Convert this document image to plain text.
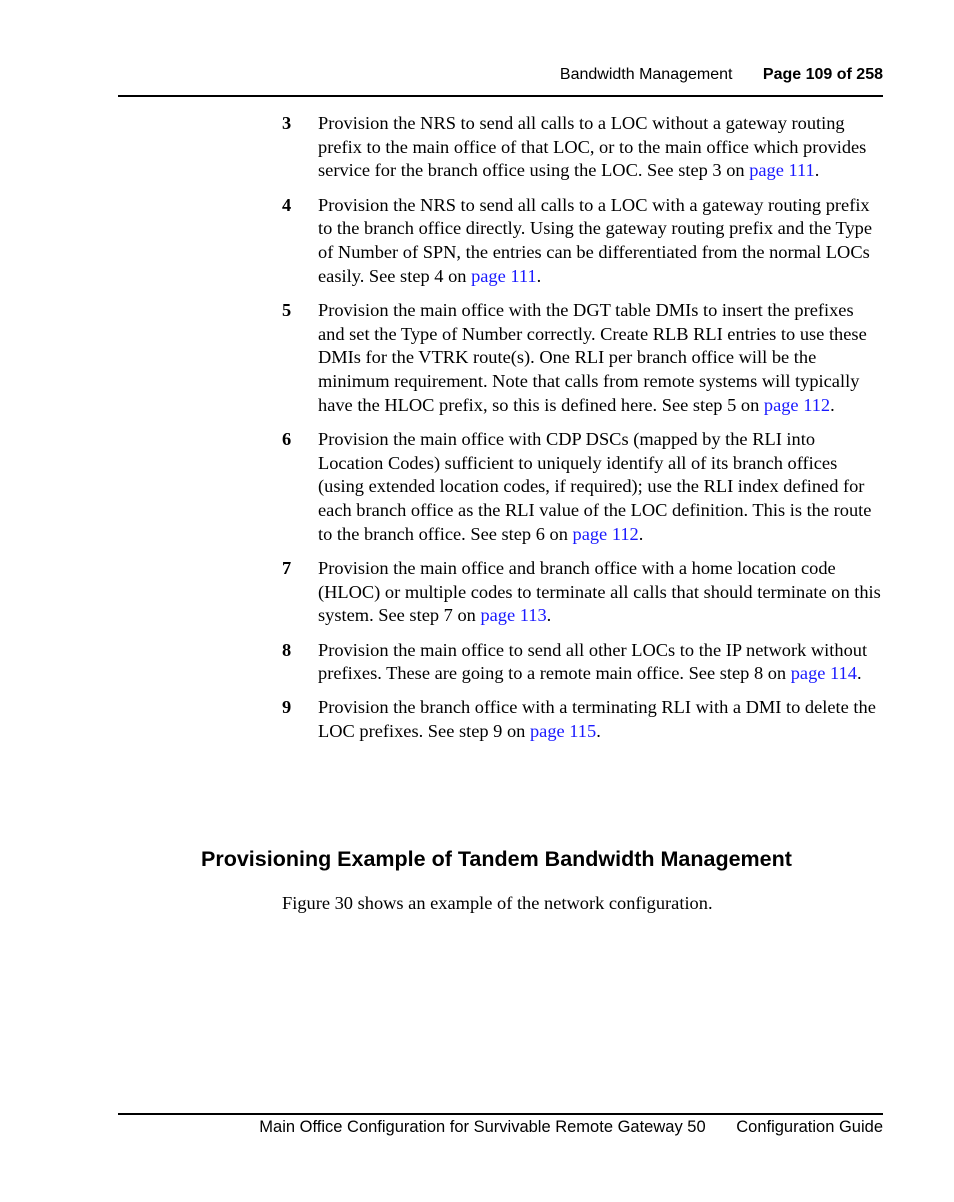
Bandwidth Management Page 109 of 258
3	Provision the NRS to send all calls to a LOC without a gateway routing prefix to the main office of that LOC, or to the main office which provides service for the branch office using the LOC. See step 3 on page 111.
4	Provision the NRS to send all calls to a LOC with a gateway routing prefix to the branch office directly. Using the gateway routing prefix and the Type of Number of SPN, the entries can be differentiated from the normal LOCs easily. See step 4 on page 111.
5	Provision the main office with the DGT table DMIs to insert the prefixes and set the Type of Number correctly. Create RLB RLI entries to use these DMIs for the VTRK route(s). One RLI per branch office will be the minimum requirement. Note that calls from remote systems will typically have the HLOC prefix, so this is defined here. See step 5 on page 112.
6	Provision the main office with CDP DSCs (mapped by the RLI into Location Codes) sufficient to uniquely identify all of its branch offices (using extended location codes, if required); use the RLI index defined for each branch office as the RLI value of the LOC definition. This is the route to the branch office. See step 6 on page 112.
7	Provision the main office and branch office with a home location code (HLOC) or multiple codes to terminate all calls that should terminate on this system. See step 7 on page 113.
8	Provision the main office to send all other LOCs to the IP network without prefixes. These are going to a remote main office. See step 8 on page 114.
9	Provision the branch office with a terminating RLI with a DMI to delete the LOC prefixes. See step 9 on page 115.
Provisioning Example of Tandem Bandwidth Management

Figure 30 shows an example of the network configuration.

Main Office Configuration for Survivable Remote Gateway 50 Configuration Guide
